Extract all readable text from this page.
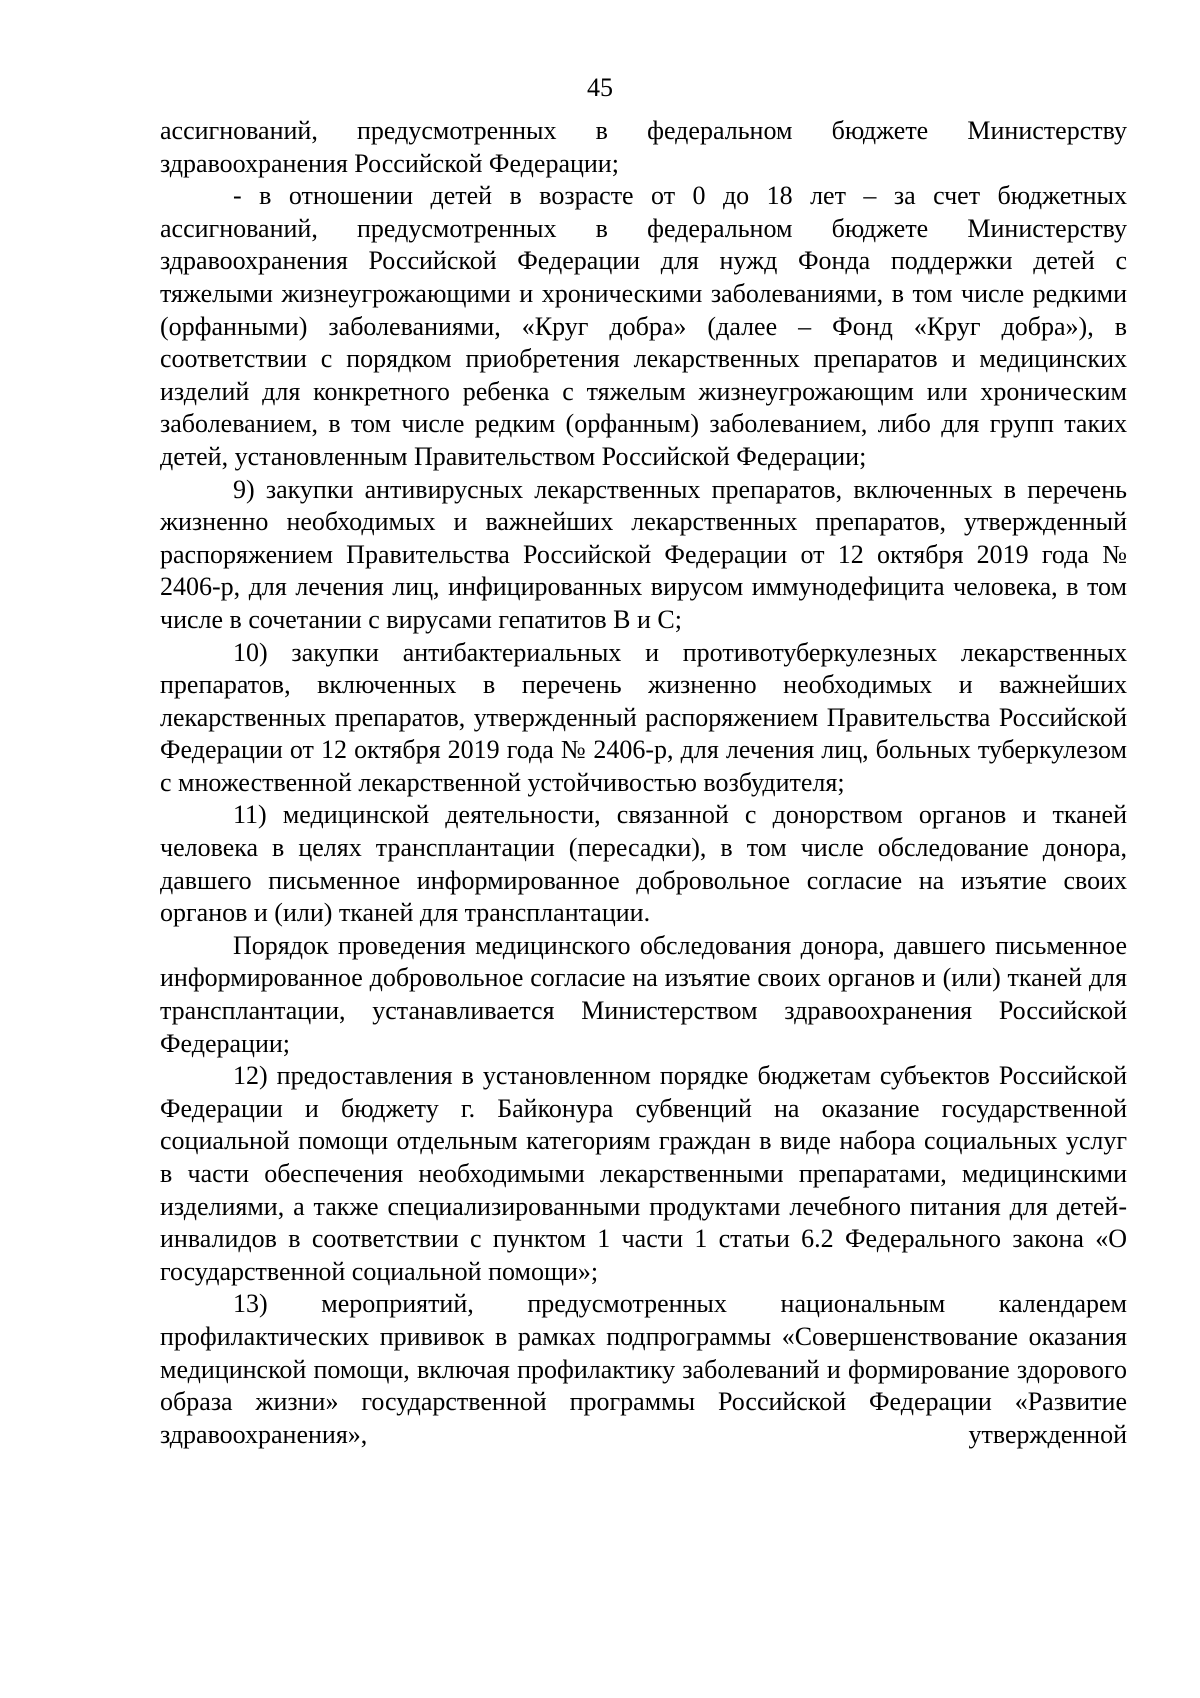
45

ассигнований, предусмотренных в федеральном бюджете Министерству здравоохранения Российской Федерации;

- в отношении детей в возрасте от 0 до 18 лет – за счет бюджетных ассигнований, предусмотренных в федеральном бюджете Министерству здравоохранения Российской Федерации для нужд Фонда поддержки детей с тяжелыми жизнеугрожающими и хроническими заболеваниями, в том числе редкими (орфанными) заболеваниями, «Круг добра» (далее – Фонд «Круг добра»), в соответствии с порядком приобретения лекарственных препаратов и медицинских изделий для конкретного ребенка с тяжелым жизнеугрожающим или хроническим заболеванием, в том числе редким (орфанным) заболеванием, либо для групп таких детей, установленным Правительством Российской Федерации;

9) закупки антивирусных лекарственных препаратов, включенных в перечень жизненно необходимых и важнейших лекарственных препаратов, утвержденный распоряжением Правительства Российской Федерации от 12 октября 2019 года № 2406-р, для лечения лиц, инфицированных вирусом иммунодефицита человека, в том числе в сочетании с вирусами гепатитов B и C;

10) закупки антибактериальных и противотуберкулезных лекарственных препаратов, включенных в перечень жизненно необходимых и важнейших лекарственных препаратов, утвержденный распоряжением Правительства Российской Федерации от 12 октября 2019 года № 2406-р, для лечения лиц, больных туберкулезом с множественной лекарственной устойчивостью возбудителя;

11) медицинской деятельности, связанной с донорством органов и тканей человека в целях трансплантации (пересадки), в том числе обследование донора, давшего письменное информированное добровольное согласие на изъятие своих органов и (или) тканей для трансплантации.

Порядок проведения медицинского обследования донора, давшего письменное информированное добровольное согласие на изъятие своих органов и (или) тканей для трансплантации, устанавливается Министерством здравоохранения Российской Федерации;

12) предоставления в установленном порядке бюджетам субъектов Российской Федерации и бюджету г. Байконура субвенций на оказание государственной социальной помощи отдельным категориям граждан в виде набора социальных услуг в части обеспечения необходимыми лекарственными препаратами, медицинскими изделиями, а также специализированными продуктами лечебного питания для детей-инвалидов в соответствии с пунктом 1 части 1 статьи 6.2 Федерального закона «О государственной социальной помощи»;

13) мероприятий, предусмотренных национальным календарем профилактических прививок в рамках подпрограммы «Совершенствование оказания медицинской помощи, включая профилактику заболеваний и формирование здорового образа жизни» государственной программы Российской Федерации «Развитие здравоохранения», утвержденной
